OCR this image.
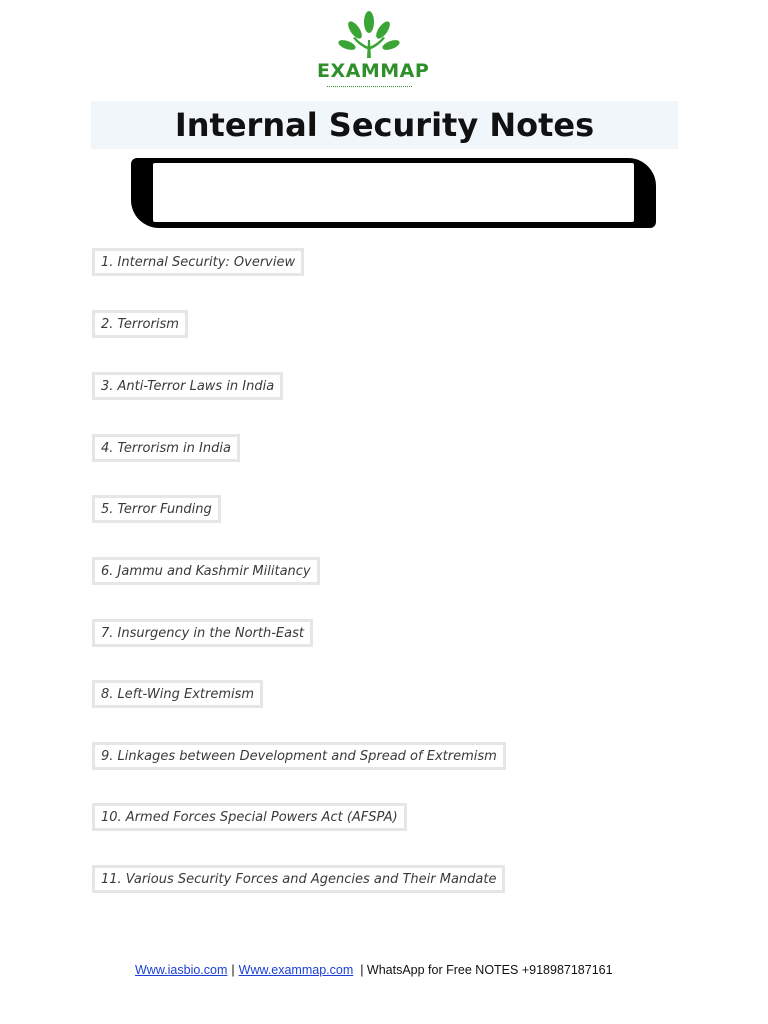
EXAMMAP
Internal Security Notes
1. Internal Security: Overview
2. Terrorism
3. Anti-Terror Laws in India
4. Terrorism in India
5. Terror Funding
6. Jammu and Kashmir Militancy
7. Insurgency in the North-East
8. Left-Wing Extremism
9. Linkages between Development and Spread of Extremism
10. Armed Forces Special Powers Act (AFSPA)
11. Various Security Forces and Agencies and Their Mandate
Www.iasbio.com | Www.exammap.com | WhatsApp for Free NOTES +918987187161
